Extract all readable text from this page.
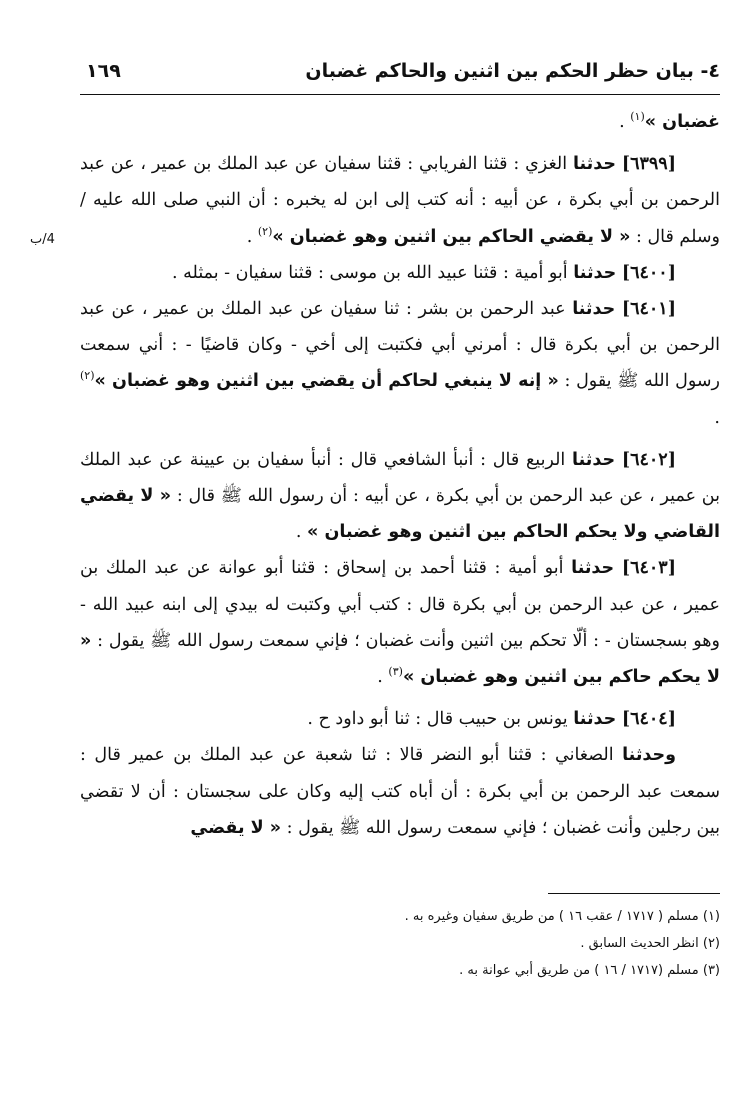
٤- بيان حظر الحكم بين اثنين والحاكم غضبان
١٦٩
4/ب

غضبان »$^{(١)}$ .

[٦٣٩٩] حدثنا الغزي : قثنا الفريابي : قثنا سفيان عن عبد الملك بن عمير ، عن عبد الرحمن بن أبي بكرة ، عن أبيه : أنه كتب إلى ابن له يخبره : أن النبي صلى الله عليه / وسلم قال : « لا يقضي الحاكم بين اثنين وهو غضبان »$^{(٢)}$ .

[٦٤٠٠] حدثنا أبو أمية : قثنا عبيد الله بن موسى : قثنا سفيان - بمثله .

[٦٤٠١] حدثنا عبد الرحمن بن بشر : ثنا سفيان عن عبد الملك بن عمير ، عن عبد الرحمن بن أبي بكرة قال : أمرني أبي فكتبت إلى أخي - وكان قاضيًا - : أني سمعت رسول الله ﷺ يقول : « إنه لا ينبغي لحاكم أن يقضي بين اثنين وهو غضبان »$^{(٢)}$ .

[٦٤٠٢] حدثنا الربيع قال : أنبأ الشافعي قال : أنبأ سفيان بن عيينة عن عبد الملك بن عمير ، عن عبد الرحمن بن أبي بكرة ، عن أبيه : أن رسول الله ﷺ قال : « لا يقضي القاضي ولا يحكم الحاكم بين اثنين وهو غضبان » .

[٦٤٠٣] حدثنا أبو أمية : قثنا أحمد بن إسحاق : قثنا أبو عوانة عن عبد الملك بن عمير ، عن عبد الرحمن بن أبي بكرة قال : كتب أبي وكتبت له بيدي إلى ابنه عبيد الله - وهو بسجستان - : ألّا تحكم بين اثنين وأنت غضبان ؛ فإني سمعت رسول الله ﷺ يقول : « لا يحكم حاكم بين اثنين وهو غضبان »$^{(٣)}$ .

[٦٤٠٤] حدثنا يونس بن حبيب قال : ثنا أبو داود ح .

وحدثنا الصغاني : قثنا أبو النضر قالا : ثنا شعبة عن عبد الملك بن عمير قال : سمعت عبد الرحمن بن أبي بكرة : أن أباه كتب إليه وكان على سجستان : أن لا تقضي بين رجلين وأنت غضبان ؛ فإني سمعت رسول الله ﷺ يقول : « لا يقضي

(١) مسلم ( ١٧١٧ / عقب ١٦ ) من طريق سفيان وغيره به .

(٢) انظر الحديث السابق .

(٣) مسلم (١٧١٧ / ١٦ ) من طريق أبي عوانة به .
